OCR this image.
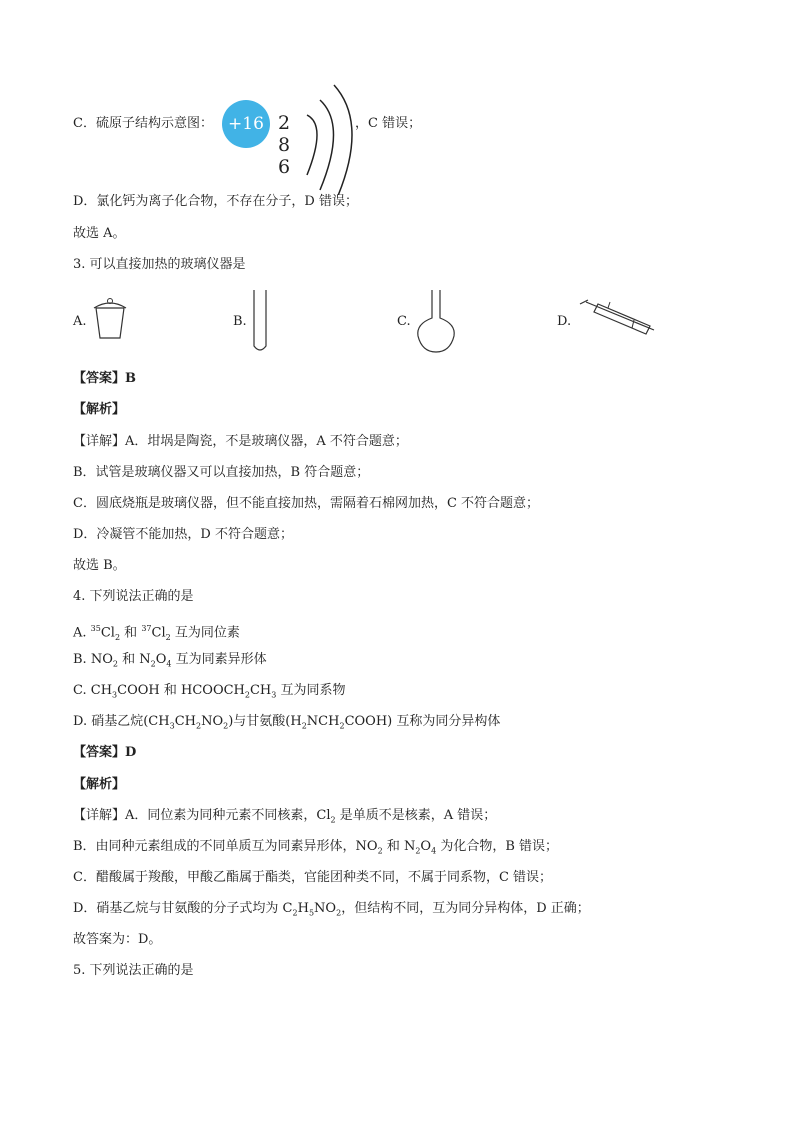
C．硫原子结构示意图： +16 2 8 6
，C 错误；
D．氯化钙为离子化合物，不存在分子，D 错误；
故选 A。
3. 可以直接加热的玻璃仪器是
A.	B.	C.	D.
【答案】B
【解析】
【详解】A．坩埚是陶瓷，不是玻璃仪器，A 不符合题意；
B．试管是玻璃仪器又可以直接加热，B 符合题意；
C．圆底烧瓶是玻璃仪器，但不能直接加热，需隔着石棉网加热，C 不符合题意；
D．冷凝管不能加热，D 不符合题意；
故选 B。
4. 下列说法正确的是
A. $^{35}Cl_2$ 和 $^{37}Cl_2$ 互为同位素
B. $NO_2$ 和 $N_2O_4$ 互为同素异形体
C. $CH_3COOH$ 和 $HCOOCH_2CH_3$ 互为同系物
D. 硝基乙烷$(CH_3CH_2NO_2)$与甘氨酸$(H_2NCH_2COOH)$ 互称为同分异构体
【答案】D
【解析】
【详解】A．同位素为同种元素不同核素，$Cl_2$ 是单质不是核素，A 错误；
B．由同种元素组成的不同单质互为同素异形体，$NO_2$ 和 $N_2O_4$ 为化合物，B 错误；
C．醋酸属于羧酸，甲酸乙酯属于酯类，官能团种类不同，不属于同系物，C 错误；
D．硝基乙烷与甘氨酸的分子式均为 $C_2H_5NO_2$，但结构不同，互为同分异构体，D 正确；
故答案为：D。
5. 下列说法正确的是
